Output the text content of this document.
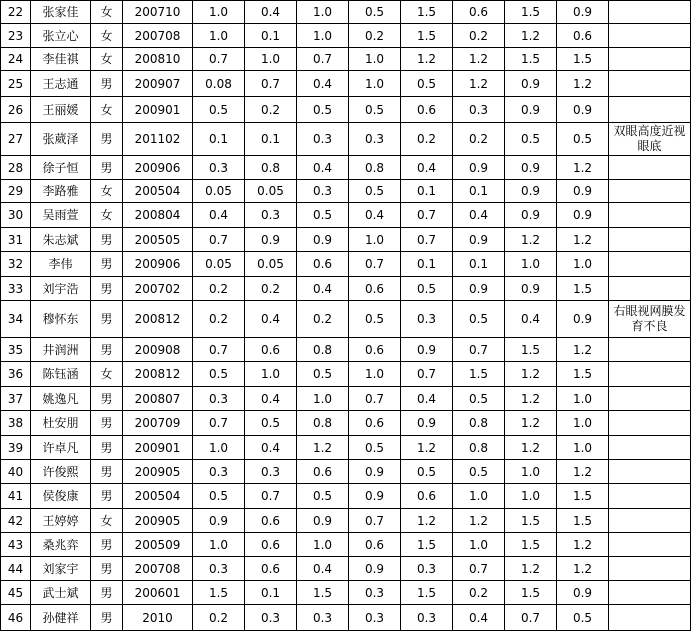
22	张家佳	女	200710	1.0	0.4	1.0	0.5	1.5	0.6	1.5	0.9	
23	张立心	女	200708	1.0	0.1	1.0	0.2	1.5	0.2	1.2	0.6	
24	李佳祺	女	200810	0.7	1.0	0.7	1.0	1.2	1.2	1.5	1.5	
25	王志通	男	200907	0.08	0.7	0.4	1.0	0.5	1.2	0.9	1.2	
26	王丽媛	女	200901	0.5	0.2	0.5	0.5	0.6	0.3	0.9	0.9	
27	张葳泽	男	201102	0.1	0.1	0.3	0.3	0.2	0.2	0.5	0.5	双眼高度近视眼底
28	徐子恒	男	200906	0.3	0.8	0.4	0.8	0.4	0.9	0.9	1.2	
29	李路雅	女	200504	0.05	0.05	0.3	0.5	0.1	0.1	0.9	0.9	
30	吴雨萱	女	200804	0.4	0.3	0.5	0.4	0.7	0.4	0.9	0.9	
31	朱志斌	男	200505	0.7	0.9	0.9	1.0	0.7	0.9	1.2	1.2	
32	李伟	男	200906	0.05	0.05	0.6	0.7	0.1	0.1	1.0	1.0	
33	刘宇浩	男	200702	0.2	0.2	0.4	0.6	0.5	0.9	0.9	1.5	
34	穆怀东	男	200812	0.2	0.4	0.2	0.5	0.3	0.5	0.4	0.9	右眼视网膜发育不良
35	井润洲	男	200908	0.7	0.6	0.8	0.6	0.9	0.7	1.5	1.2	
36	陈钰涵	女	200812	0.5	1.0	0.5	1.0	0.7	1.5	1.2	1.5	
37	姚逸凡	男	200807	0.3	0.4	1.0	0.7	0.4	0.5	1.2	1.0	
38	杜安朋	男	200709	0.7	0.5	0.8	0.6	0.9	0.8	1.2	1.0	
39	许卓凡	男	200901	1.0	0.4	1.2	0.5	1.2	0.8	1.2	1.0	
40	许俊熙	男	200905	0.3	0.3	0.6	0.9	0.5	0.5	1.0	1.2	
41	侯俊康	男	200504	0.5	0.7	0.5	0.9	0.6	1.0	1.0	1.5	
42	王婷婷	女	200905	0.9	0.6	0.9	0.7	1.2	1.2	1.5	1.5	
43	桑兆弈	男	200509	1.0	0.6	1.0	0.6	1.5	1.0	1.5	1.2	
44	刘家宇	男	200708	0.3	0.6	0.4	0.9	0.3	0.7	1.2	1.2	
45	武士斌	男	200601	1.5	0.1	1.5	0.3	1.5	0.2	1.5	0.9	
46	孙健祥	男	2010	0.2	0.3	0.3	0.3	0.3	0.4	0.7	0.5	
